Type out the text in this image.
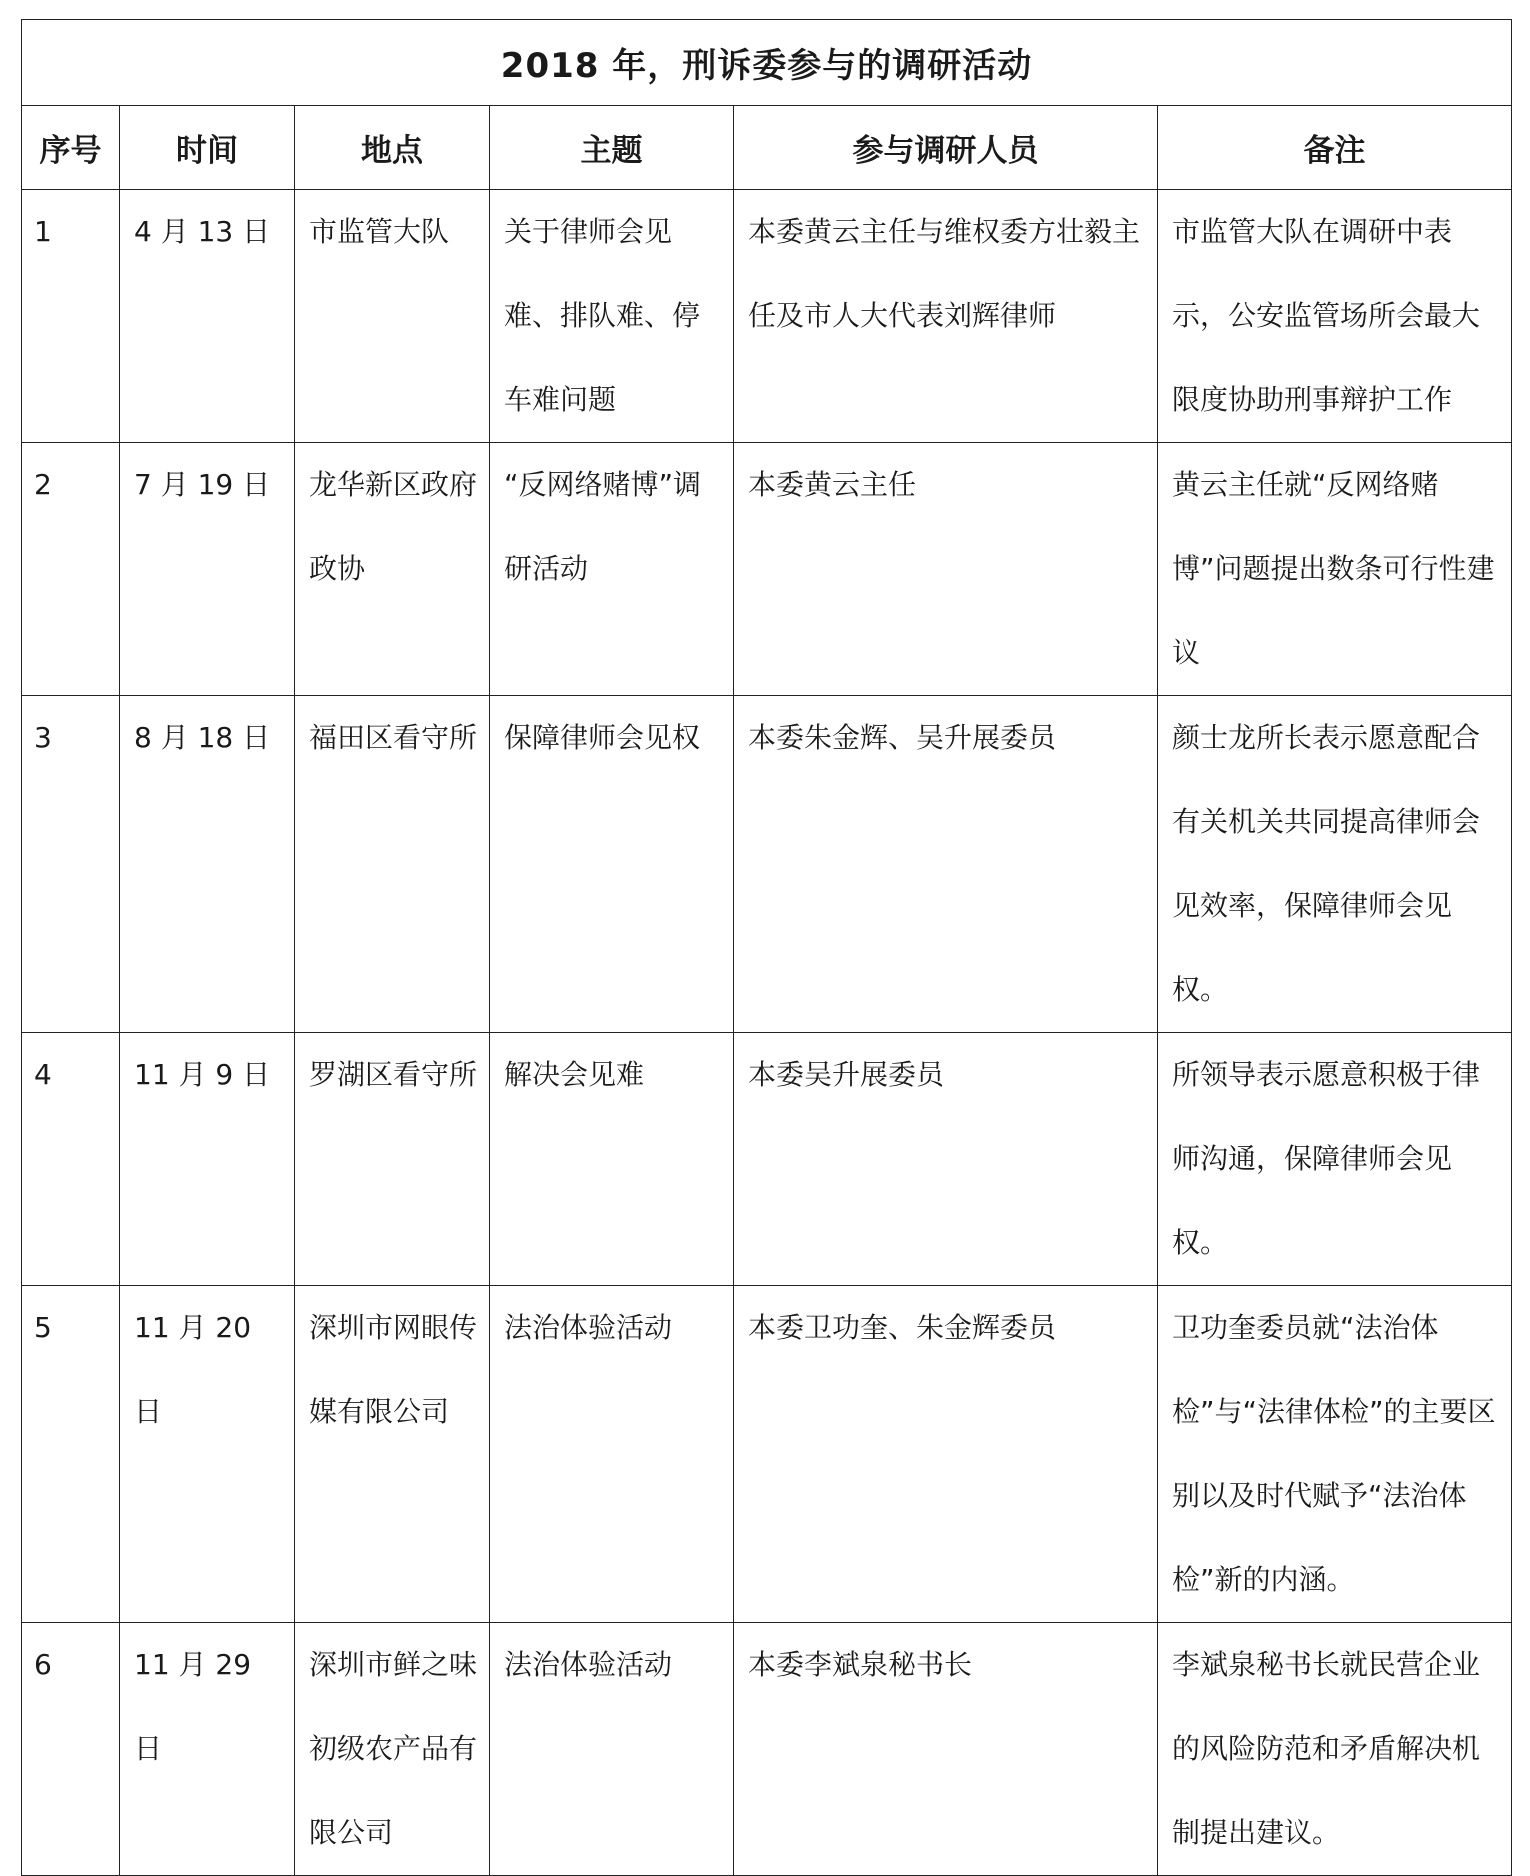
2018 年，刑诉委参与的调研活动					
序号	时间	地点	主题	参与调研人员	备注
1	4 月 13 日	市监管大队	关于律师会见难、排队难、停车难问题	本委黄云主任与维权委方壮毅主任及市人大代表刘辉律师	市监管大队在调研中表示，公安监管场所会最大限度协助刑事辩护工作
2	7 月 19 日	龙华新区政府政协	“反网络赌博”调研活动	本委黄云主任	黄云主任就“反网络赌博”问题提出数条可行性建议
3	8 月 18 日	福田区看守所	保障律师会见权	本委朱金辉、吴升展委员	颜士龙所长表示愿意配合有关机关共同提高律师会见效率，保障律师会见权。
4	11 月 9 日	罗湖区看守所	解决会见难	本委吴升展委员	所领导表示愿意积极于律师沟通，保障律师会见权。
5	11 月 20 日	深圳市网眼传媒有限公司	法治体验活动	本委卫功奎、朱金辉委员	卫功奎委员就“法治体检”与“法律体检”的主要区别以及时代赋予“法治体检”新的内涵。
6	11 月 29 日	深圳市鲜之味初级农产品有限公司	法治体验活动	本委李斌泉秘书长	李斌泉秘书长就民营企业的风险防范和矛盾解决机制提出建议。
